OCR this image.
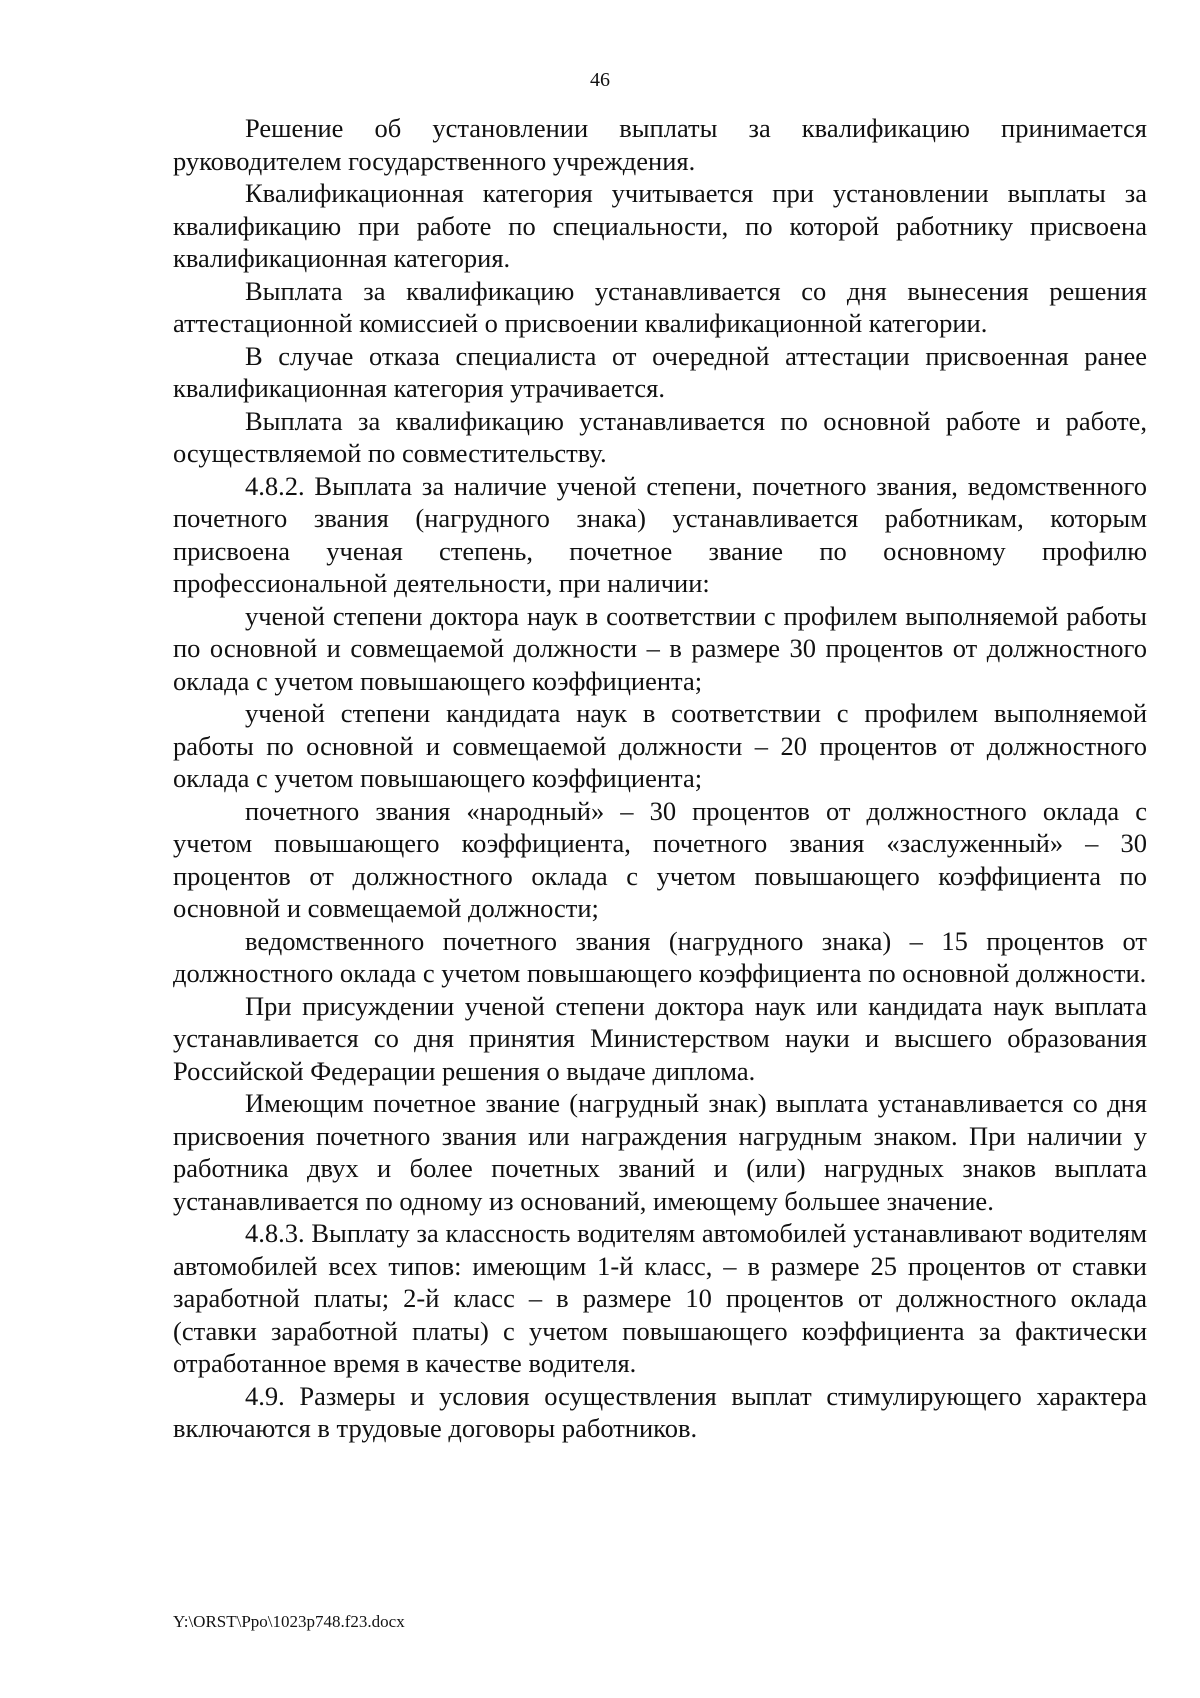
46

Решение об установлении выплаты за квалификацию принимается руководителем государственного учреждения.

Квалификационная категория учитывается при установлении выплаты за квалификацию при работе по специальности, по которой работнику присвоена квалификационная категория.

Выплата за квалификацию устанавливается со дня вынесения решения аттестационной комиссией о присвоении квалификационной категории.

В случае отказа специалиста от очередной аттестации присвоенная ранее квалификационная категория утрачивается.

Выплата за квалификацию устанавливается по основной работе и работе, осуществляемой по совместительству.

4.8.2. Выплата за наличие ученой степени, почетного звания, ведомственного почетного звания (нагрудного знака) устанавливается работникам, которым присвоена ученая степень, почетное звание по основному профилю профессиональной деятельности, при наличии:

ученой степени доктора наук в соответствии с профилем выполняемой работы по основной и совмещаемой должности – в размере 30 процентов от должностного оклада с учетом повышающего коэффициента;

ученой степени кандидата наук в соответствии с профилем выполняемой работы по основной и совмещаемой должности – 20 процентов от должностного оклада с учетом повышающего коэффициента;

почетного звания «народный» – 30 процентов от должностного оклада с учетом повышающего коэффициента, почетного звания «заслуженный» – 30 процентов от должностного оклада с учетом повышающего коэффициента по основной и совмещаемой должности;

ведомственного почетного звания (нагрудного знака) – 15 процентов от должностного оклада с учетом повышающего коэффициента по основной должности.

При присуждении ученой степени доктора наук или кандидата наук выплата устанавливается со дня принятия Министерством науки и высшего образования Российской Федерации решения о выдаче диплома.

Имеющим почетное звание (нагрудный знак) выплата устанавливается со дня присвоения почетного звания или награждения нагрудным знаком. При наличии у работника двух и более почетных званий и (или) нагрудных знаков выплата устанавливается по одному из оснований, имеющему большее значение.

4.8.3. Выплату за классность водителям автомобилей устанавливают водителям автомобилей всех типов: имеющим 1-й класс, – в размере 25 процентов от ставки заработной платы; 2-й класс – в размере 10 процентов от должностного оклада (ставки заработной платы) с учетом повышающего коэффициента за фактически отработанное время в качестве водителя.

4.9. Размеры и условия осуществления выплат стимулирующего характера включаются в трудовые договоры работников.

Y:\ORST\Ppo\1023p748.f23.docx
